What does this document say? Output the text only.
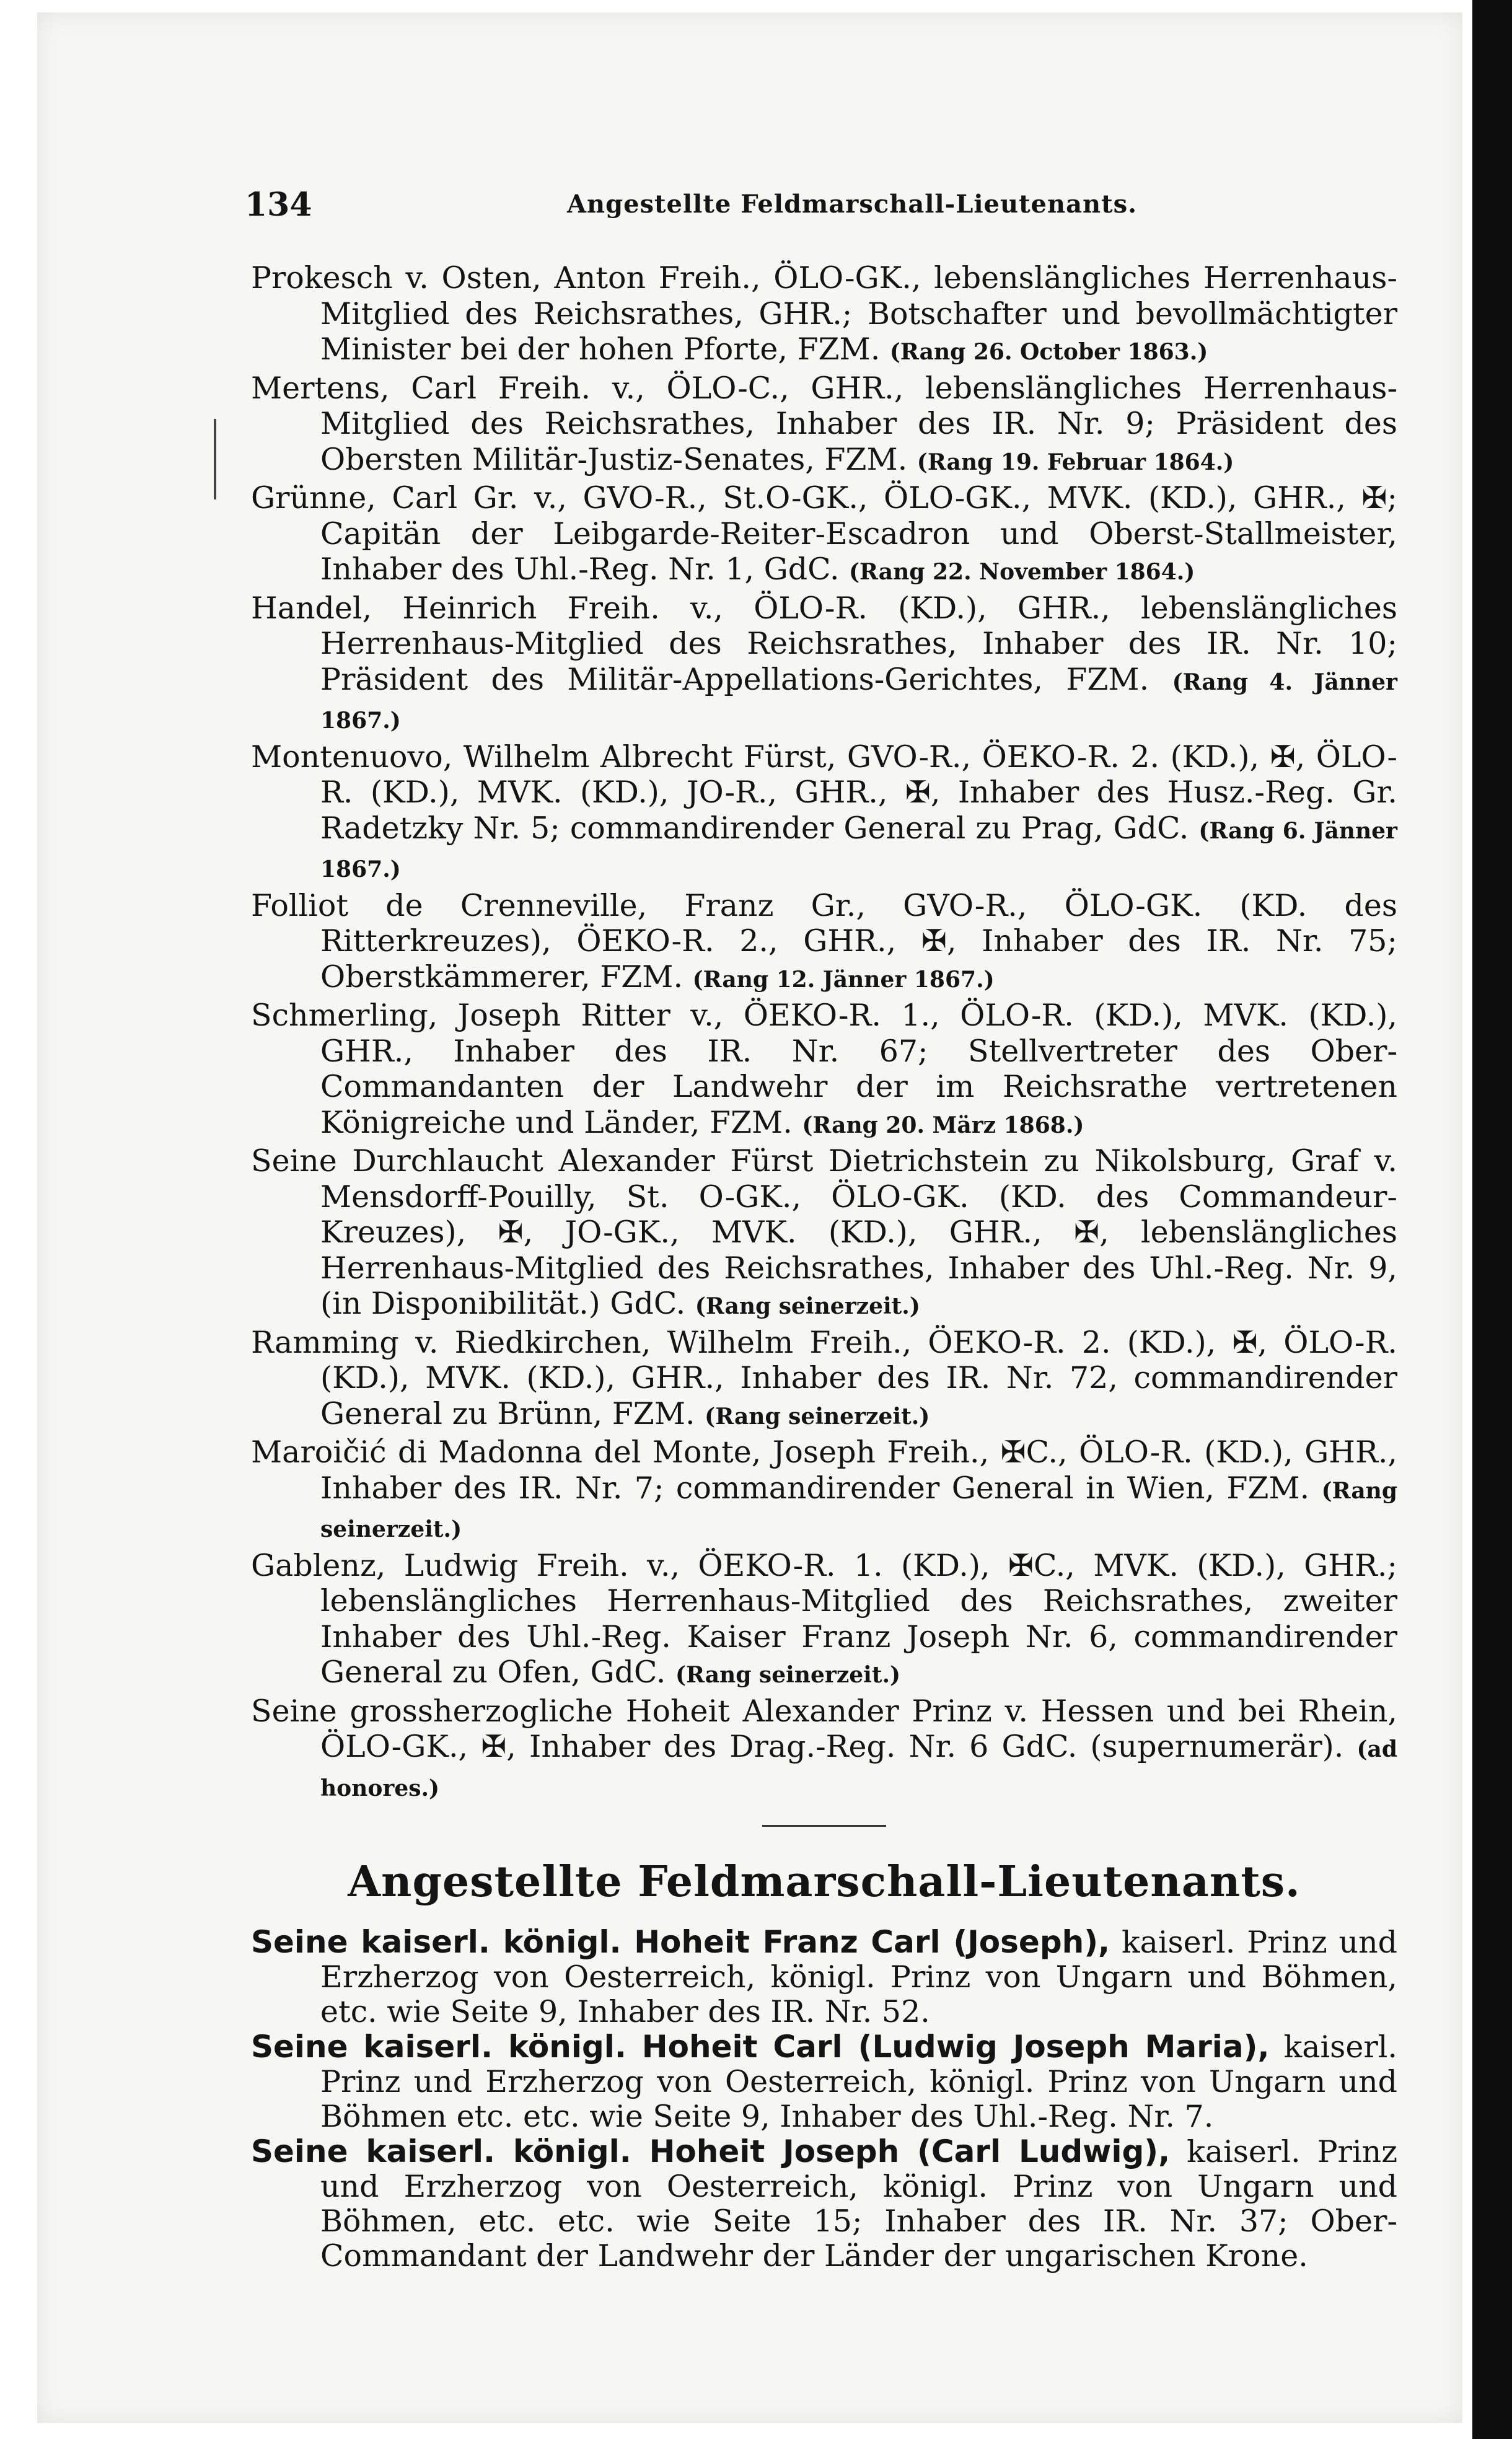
134	Angestellte Feldmarschall-Lieutenants.
Prokesch v. Osten, Anton Freih., ÖLO-GK., lebenslängliches Herrenhaus-Mitglied des Reichsrathes, GHR.; Botschafter und bevollmächtigter Minister bei der hohen Pforte, FZM. (Rang 26. October 1863.)
Mertens, Carl Freih. v., ÖLO-C., GHR., lebenslängliches Herrenhaus-Mitglied des Reichsrathes, Inhaber des IR. Nr. 9; Präsident des Obersten Militär-Justiz-Senates, FZM. (Rang 19. Februar 1864.)
Grünne, Carl Gr. v., GVO-R., St.O-GK., ÖLO-GK., MVK. (KD.), GHR., ✠; Capitän der Leibgarde-Reiter-Escadron und Oberst-Stallmeister, Inhaber des Uhl.-Reg. Nr. 1, GdC. (Rang 22. November 1864.)
Handel, Heinrich Freih. v., ÖLO-R. (KD.), GHR., lebenslängliches Herrenhaus-Mitglied des Reichsrathes, Inhaber des IR. Nr. 10; Präsident des Militär-Appellations-Gerichtes, FZM. (Rang 4. Jänner 1867.)
Montenuovo, Wilhelm Albrecht Fürst, GVO-R., ÖEKO-R. 2. (KD.), ✠, ÖLO-R. (KD.), MVK. (KD.), JO-R., GHR., ✠, Inhaber des Husz.-Reg. Gr. Radetzky Nr. 5; commandirender General zu Prag, GdC. (Rang 6. Jänner 1867.)
Folliot de Crenneville, Franz Gr., GVO-R., ÖLO-GK. (KD. des Ritterkreuzes), ÖEKO-R. 2., GHR., ✠, Inhaber des IR. Nr. 75; Oberstkämmerer, FZM. (Rang 12. Jänner 1867.)
Schmerling, Joseph Ritter v., ÖEKO-R. 1., ÖLO-R. (KD.), MVK. (KD.), GHR., Inhaber des IR. Nr. 67; Stellvertreter des Ober-Commandanten der Landwehr der im Reichsrathe vertretenen Königreiche und Länder, FZM. (Rang 20. März 1868.)
Seine Durchlaucht Alexander Fürst Dietrichstein zu Nikolsburg, Graf v. Mensdorff-Pouilly, St. O-GK., ÖLO-GK. (KD. des Commandeur-Kreuzes), ✠, JO-GK., MVK. (KD.), GHR., ✠, lebenslängliches Herrenhaus-Mitglied des Reichsrathes, Inhaber des Uhl.-Reg. Nr. 9, (in Disponibilität.) GdC. (Rang seinerzeit.)
Ramming v. Riedkirchen, Wilhelm Freih., ÖEKO-R. 2. (KD.), ✠, ÖLO-R. (KD.), MVK. (KD.), GHR., Inhaber des IR. Nr. 72, commandirender General zu Brünn, FZM. (Rang seinerzeit.)
Maroičić di Madonna del Monte, Joseph Freih., ✠C., ÖLO-R. (KD.), GHR., Inhaber des IR. Nr. 7; commandirender General in Wien, FZM. (Rang seinerzeit.)
Gablenz, Ludwig Freih. v., ÖEKO-R. 1. (KD.), ✠C., MVK. (KD.), GHR.; lebenslängliches Herrenhaus-Mitglied des Reichsrathes, zweiter Inhaber des Uhl.-Reg. Kaiser Franz Joseph Nr. 6, commandirender General zu Ofen, GdC. (Rang seinerzeit.)
Seine grossherzogliche Hoheit Alexander Prinz v. Hessen und bei Rhein, ÖLO-GK., ✠, Inhaber des Drag.-Reg. Nr. 6 GdC. (supernumerär). (ad honores.)
Angestellte Feldmarschall-Lieutenants.
Seine kaiserl. königl. Hoheit Franz Carl (Joseph), kaiserl. Prinz und Erzherzog von Oesterreich, königl. Prinz von Ungarn und Böhmen, etc. wie Seite 9, Inhaber des IR. Nr. 52.
Seine kaiserl. königl. Hoheit Carl (Ludwig Joseph Maria), kaiserl. Prinz und Erzherzog von Oesterreich, königl. Prinz von Ungarn und Böhmen etc. etc. wie Seite 9, Inhaber des Uhl.-Reg. Nr. 7.
Seine kaiserl. königl. Hoheit Joseph (Carl Ludwig), kaiserl. Prinz und Erzherzog von Oesterreich, königl. Prinz von Ungarn und Böhmen, etc. etc. wie Seite 15; Inhaber des IR. Nr. 37; Ober-Commandant der Landwehr der Länder der ungarischen Krone.
